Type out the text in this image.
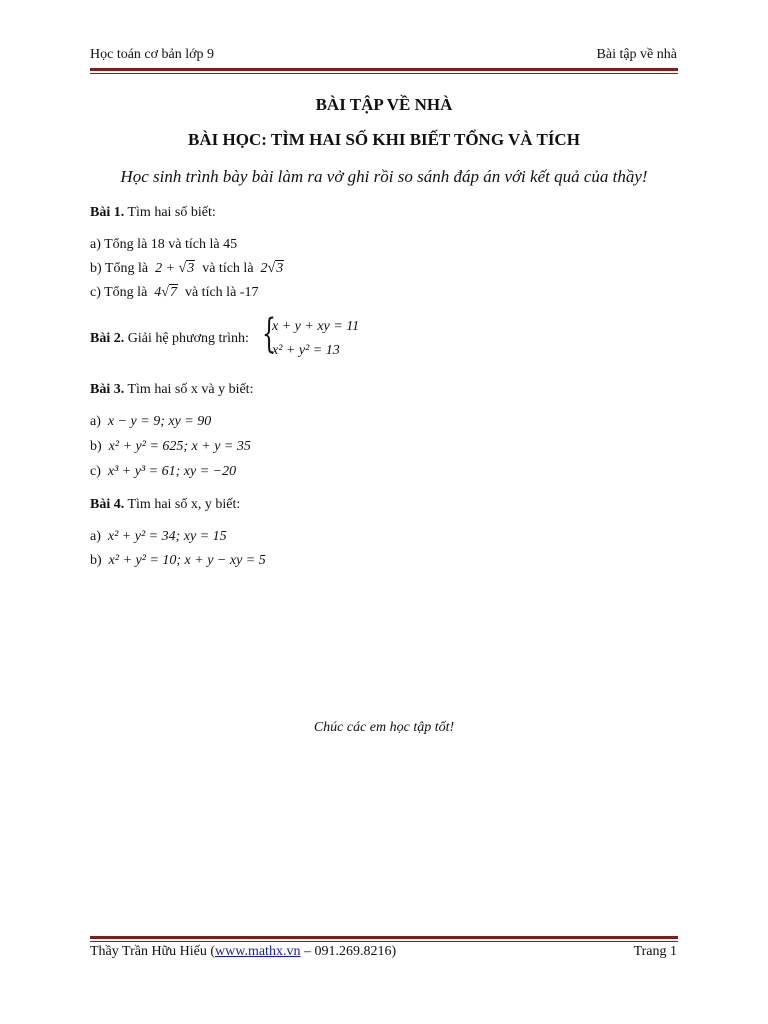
Học toán cơ bản lớp 9	Bài tập về nhà
BÀI TẬP VỀ NHÀ
BÀI HỌC: TÌM HAI SỐ KHI BIẾT TỔNG VÀ TÍCH
Học sinh trình bày bài làm ra vở ghi rồi so sánh đáp án với kết quả của thầy!
Bài 1. Tìm hai số biết:
a) Tổng là 18 và tích là 45
b) Tổng là 2 + √3 và tích là 2√3
c) Tổng là 4√7 và tích là -17
Bài 2. Giải hệ phương trình: {
x + y + xy = 11
x² + y² = 13
Bài 3. Tìm hai số x và y biết:
a) x − y = 9; xy = 90
b) x² + y² = 625; x + y = 35
c) x³ + y³ = 61; xy = −20
Bài 4. Tìm hai số x, y biết:
a) x² + y² = 34; xy = 15
b) x² + y² = 10; x + y − xy = 5
Chúc các em học tập tốt!
Thầy Trần Hữu Hiếu (www.mathx.vn – 091.269.8216)	Trang 1
